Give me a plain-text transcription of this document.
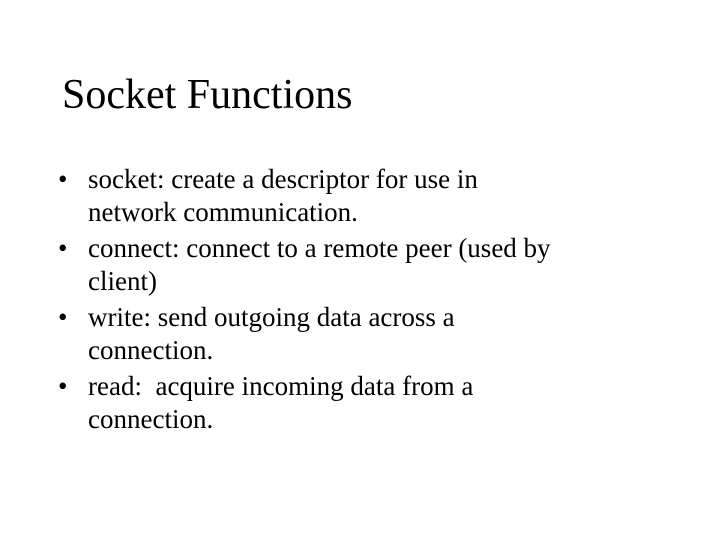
Socket Functions
• socket: create a descriptor for use in
network communication.
• connect: connect to a remote peer (used by
client)
• write: send outgoing data across a
connection.
• read:  acquire incoming data from a
connection.
